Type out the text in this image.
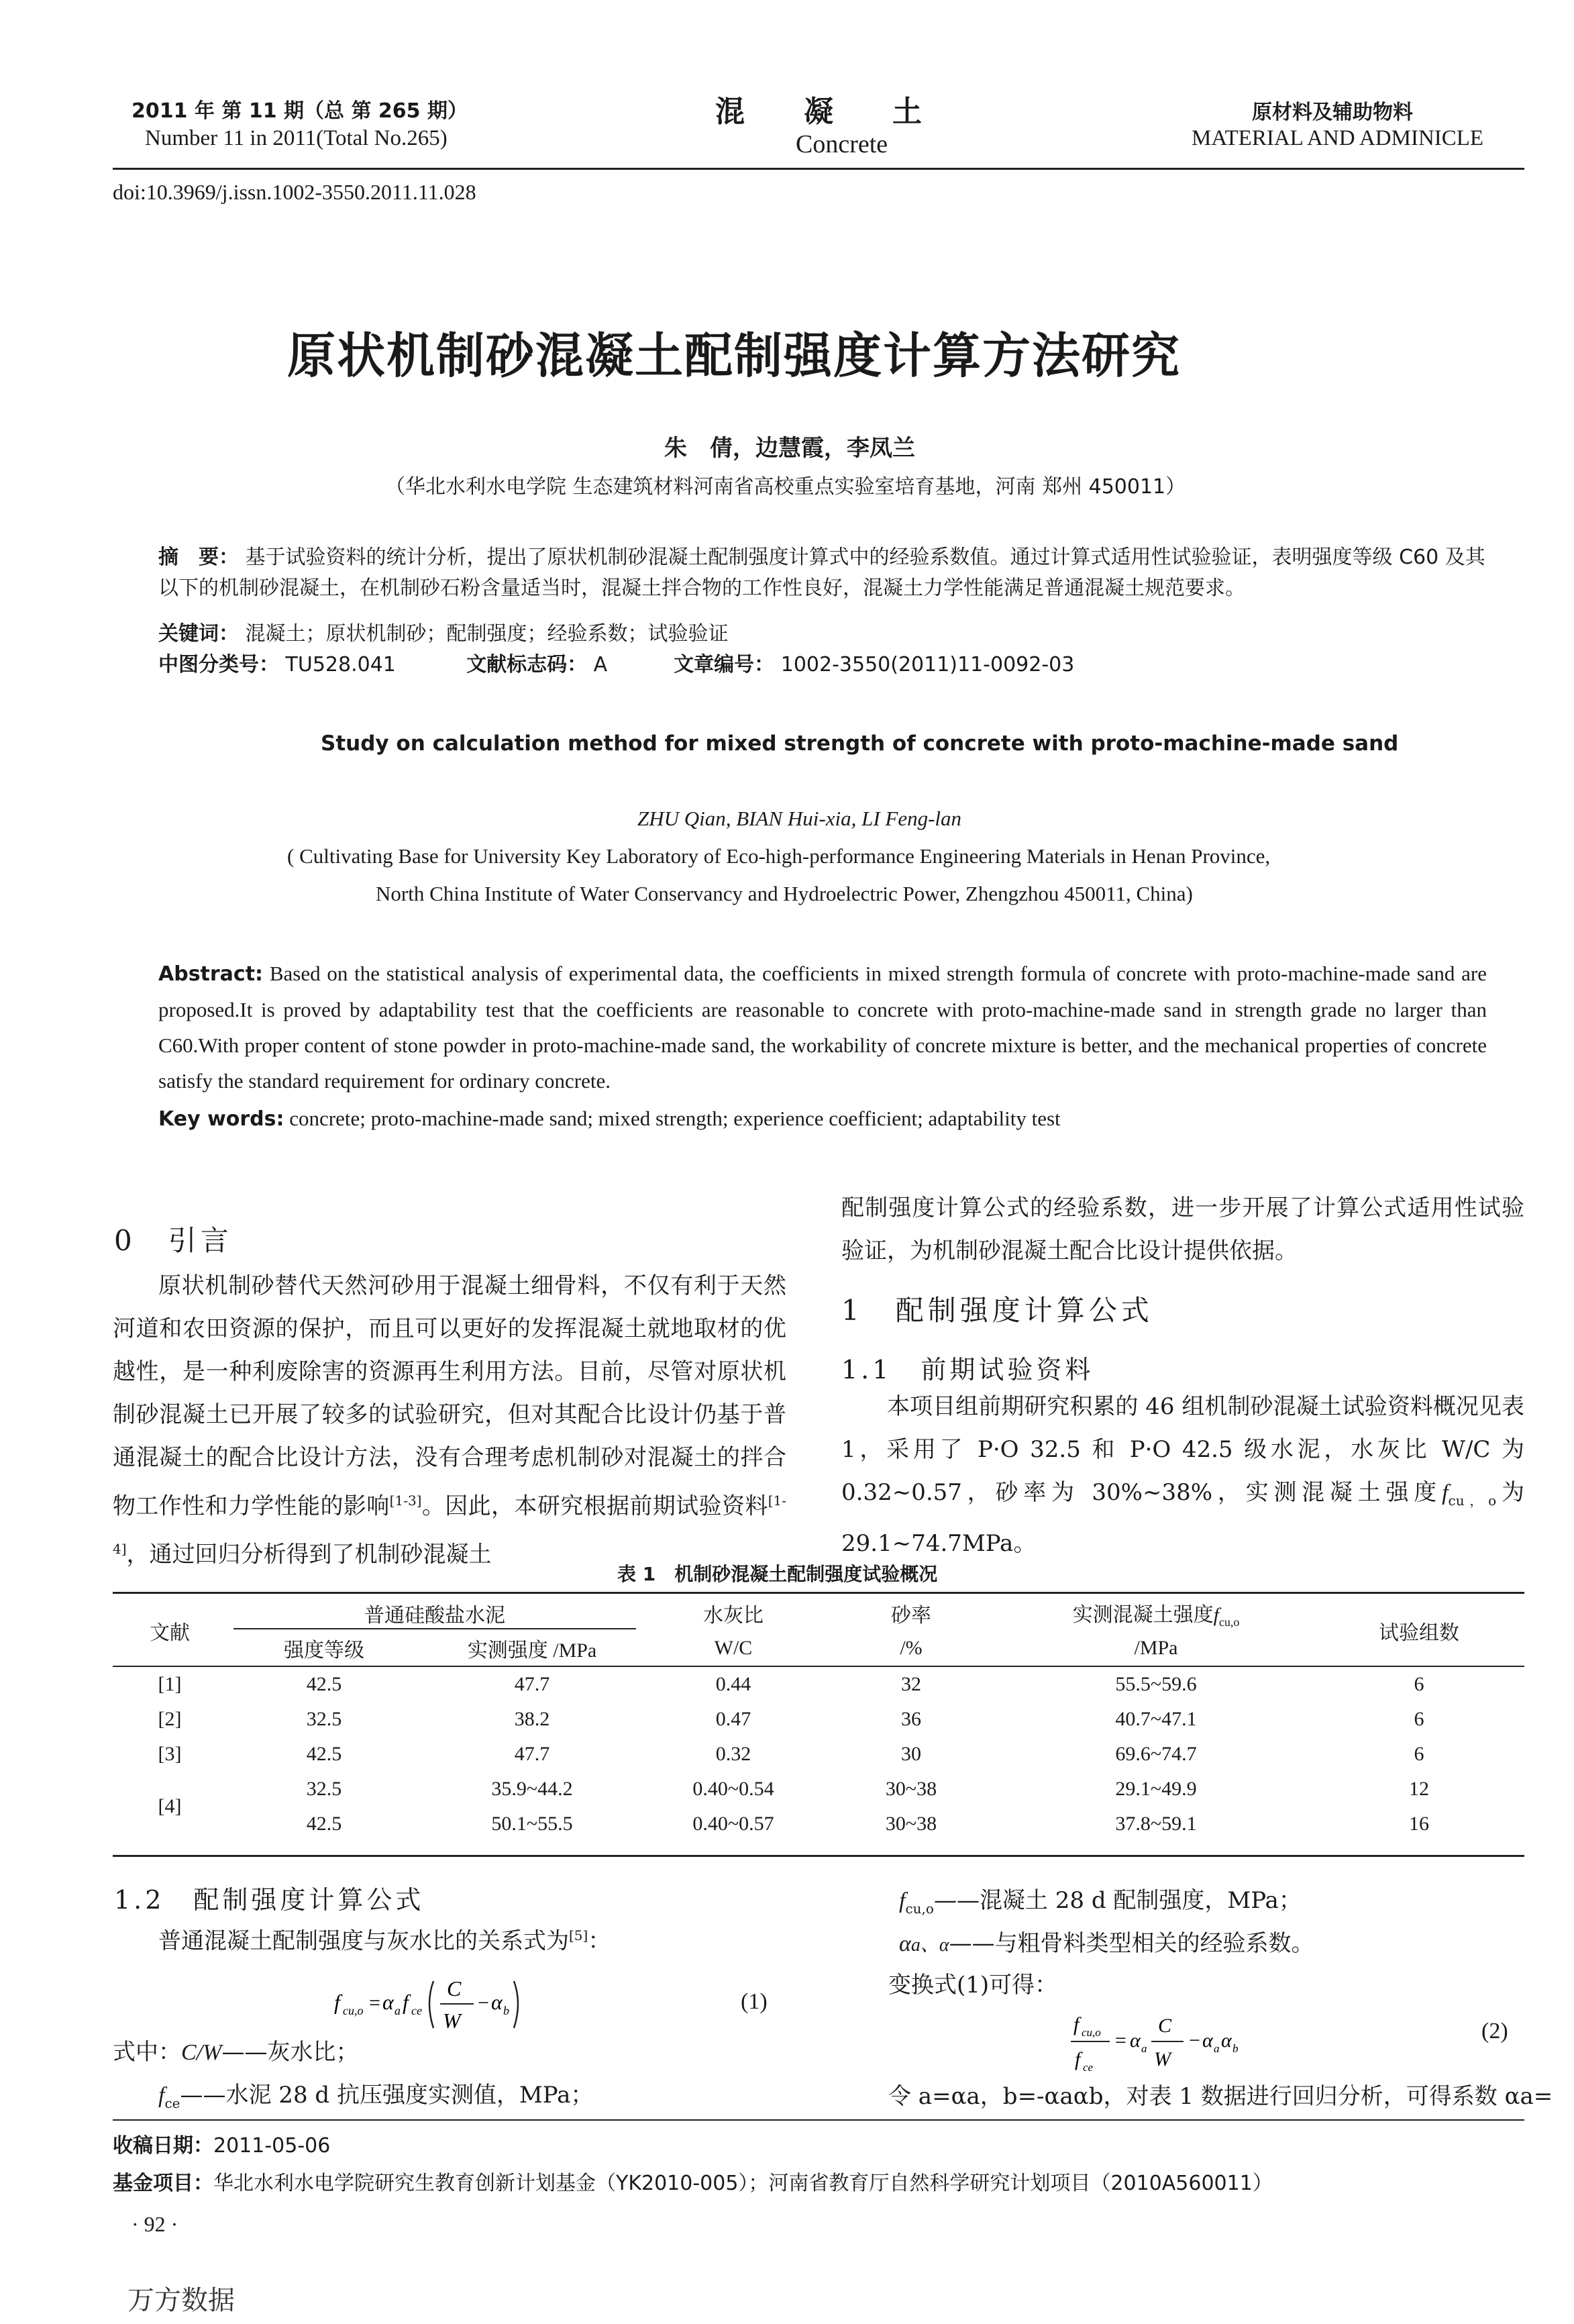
2011 年 第 11 期（总 第 265 期）
Number 11 in 2011(Total No.265)
混　　凝　　土
Concrete
原材料及辅助物料
MATERIAL AND ADMINICLE
doi:10.3969/j.issn.1002-3550.2011.11.028
原状机制砂混凝土配制强度计算方法研究
朱　倩，边慧霞，李凤兰
（华北水利水电学院 生态建筑材料河南省高校重点实验室培育基地，河南 郑州 450011）
摘　要： 基于试验资料的统计分析，提出了原状机制砂混凝土配制强度计算式中的经验系数值。通过计算式适用性试验验证，表明强度等级 C60 及其以下的机制砂混凝土，在机制砂石粉含量适当时，混凝土拌合物的工作性良好，混凝土力学性能满足普通混凝土规范要求。
关键词： 混凝土；原状机制砂；配制强度；经验系数；试验验证
中图分类号： TU528.041	文献标志码： A	文章编号： 1002-3550(2011)11-0092-03
Study on calculation method for mixed strength of concrete with proto-machine-made sand
ZHU Qian, BIAN Hui-xia, LI Feng-lan
( Cultivating Base for University Key Laboratory of Eco-high-performance Engineering Materials in Henan Province,
North China Institute of Water Conservancy and Hydroelectric Power, Zhengzhou 450011, China)
Abstract: Based on the statistical analysis of experimental data, the coefficients in mixed strength formula of concrete with proto-machine-made sand are proposed.It is proved by adaptability test that the coefficients are reasonable to concrete with proto-machine-made sand in strength grade no larger than C60.With proper content of stone powder in proto-machine-made sand, the workability of concrete mixture is better, and the mechanical properties of concrete satisfy the standard requirement for ordinary concrete.
Key words: concrete; proto-machine-made sand; mixed strength; experience coefficient; adaptability test
0　引言

原状机制砂替代天然河砂用于混凝土细骨料，不仅有利于天然河道和农田资源的保护，而且可以更好的发挥混凝土就地取材的优越性，是一种利废除害的资源再生利用方法。目前，尽管对原状机制砂混凝土已开展了较多的试验研究，但对其配合比设计仍基于普通混凝土的配合比设计方法，没有合理考虑机制砂对混凝土的拌合物工作性和力学性能的影响[1-3]。因此，本研究根据前期试验资料[1-4]，通过回归分析得到了机制砂混凝土

配制强度计算公式的经验系数，进一步开展了计算公式适用性试验验证，为机制砂混凝土配合比设计提供依据。

1　配制强度计算公式
1.1　前期试验资料

本项目组前期研究积累的 46 组机制砂混凝土试验资料概况见表 1，采用了 P·O 32.5 和 P·O 42.5 级水泥，水灰比 W/C 为 0.32~0.57，砂率为 30%~38%，实测混凝土强度$f_{cu,o}$为 29.1~74.7MPa。

表 1　机制砂混凝土配制强度试验概况
文献	普通硅酸盐水泥		水灰比	砂率	实测混凝土强度$f_{cu,o}$	试验组数
	强度等级	实测强度 /MPa	W/C	/%	/MPa	
[1]	42.5	47.7	0.44	32	55.5~59.6	6
[2]	32.5	38.2	0.47	36	40.7~47.1	6
[3]	42.5	47.7	0.32	30	69.6~74.7	6
[4]	32.5	35.9~44.2	0.40~0.54	30~38	29.1~49.9	12
	42.5	50.1~55.5	0.40~0.57	30~38	37.8~59.1	16
1.2　配制强度计算公式

普通混凝土配制强度与灰水比的关系式为[5]：

f cu,o = α a f ce
C
W
− α b	(1)
式中：C/W——灰水比；
$f_{ce}——$水泥 28 d 抗压强度实测值，MPa；
$f_{cu,o}——$混凝土 28 d 配制强度，MPa；
αa、α——与粗骨料类型相关的经验系数。
变换式(1)可得：
f cu,o
f ce
= α a
C
W
− α a α b
(2)
令 a=αa，b=-αaαb，对表 1 数据进行回归分析，可得系数 αa=
收稿日期：2011-05-06
基金项目：华北水利水电学院研究生教育创新计划基金（YK2010-005）；河南省教育厅自然科学研究计划项目（2010A560011）
· 92 ·
万方数据
